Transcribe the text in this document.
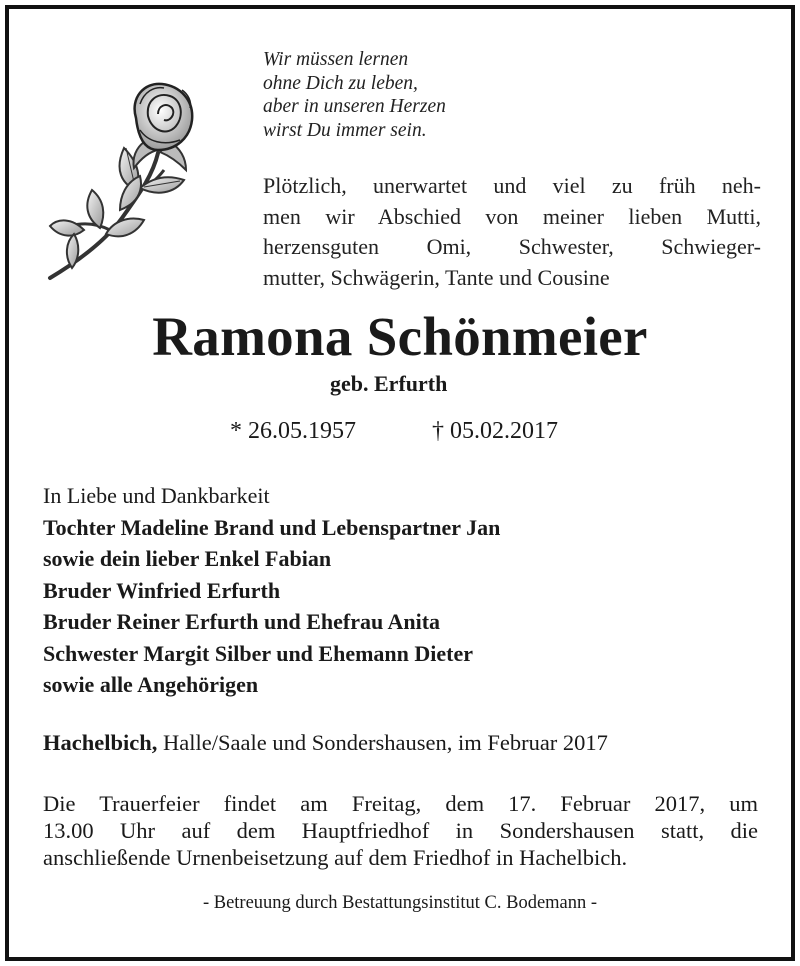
Wir müssen lernen
ohne Dich zu leben,
aber in unseren Herzen
wirst Du immer sein.
Plötzlich, unerwartet und viel zu früh neh-
men wir Abschied von meiner lieben Mutti,
herzensguten Omi, Schwester, Schwieger-
mutter, Schwägerin, Tante und Cousine
Ramona Schönmeier
geb. Erfurth
* 26.05.1957	† 05.02.2017
In Liebe und Dankbarkeit
Tochter Madeline Brand und Lebenspartner Jan
sowie dein lieber Enkel Fabian
Bruder Winfried Erfurth
Bruder Reiner Erfurth und Ehefrau Anita
Schwester Margit Silber und Ehemann Dieter
sowie alle Angehörigen
Hachelbich, Halle/Saale und Sondershausen, im Februar 2017
Die Trauerfeier findet am Freitag, dem 17. Februar 2017, um
13.00 Uhr auf dem Hauptfriedhof in Sondershausen statt, die
anschließende Urnenbeisetzung auf dem Friedhof in Hachelbich.
- Betreuung durch Bestattungsinstitut C. Bodemann -
